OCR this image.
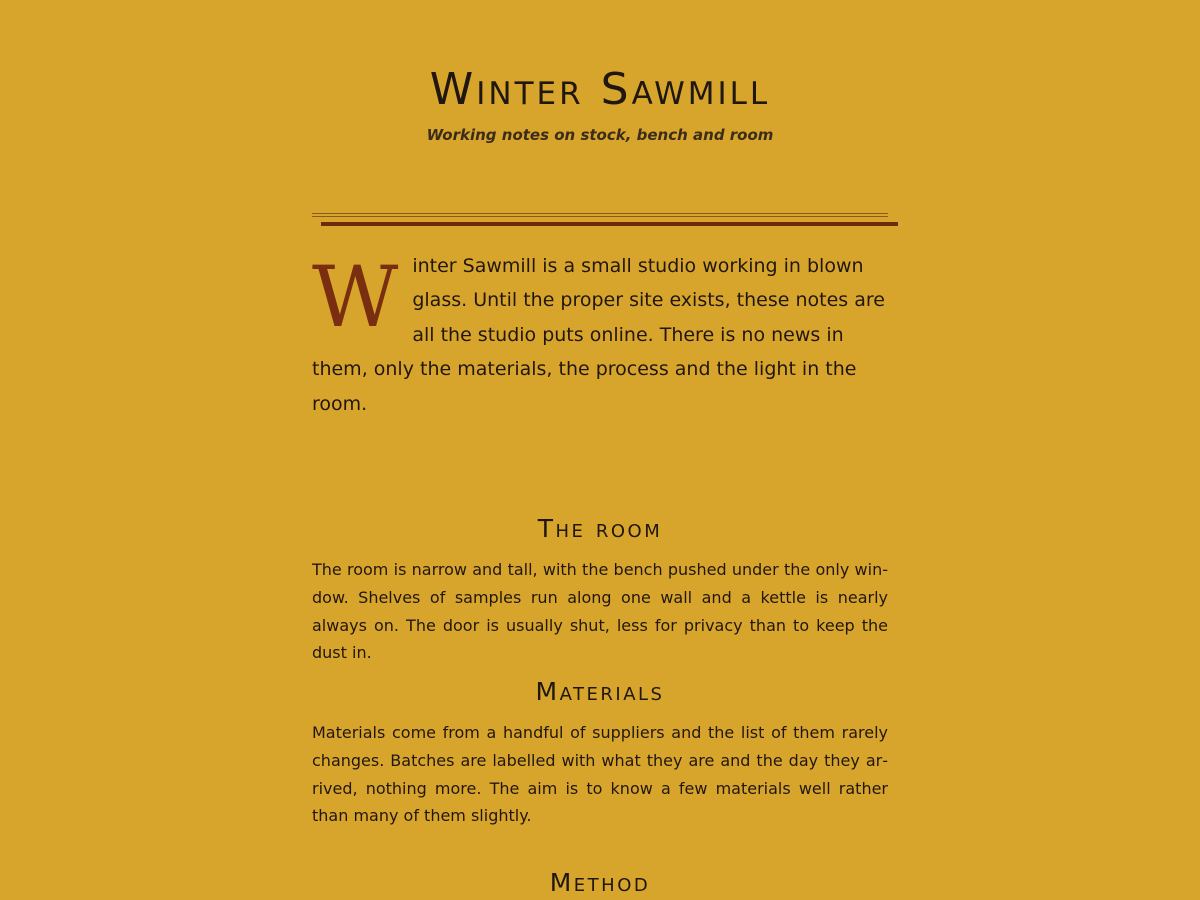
Winter Sawmill

Working notes on stock, bench and room

Winter Sawmill is a small studio working in blown glass. Until the proper site exists, these notes are all the studio puts online. There is no news in them, only the materials, the process and the light in the room.

The room

The room is narrow and tall, with the bench pushed under the only window. Shelves of samples run along one wall and a kettle is nearly always on. The door is usually shut, less for privacy than to keep the dust in.

Materials

Materials come from a handful of suppliers and the list of them rarely changes. Batches are labelled with what they are and the day they arrived, nothing more. The aim is to know a few materials well rather than many of them slightly.

Method
